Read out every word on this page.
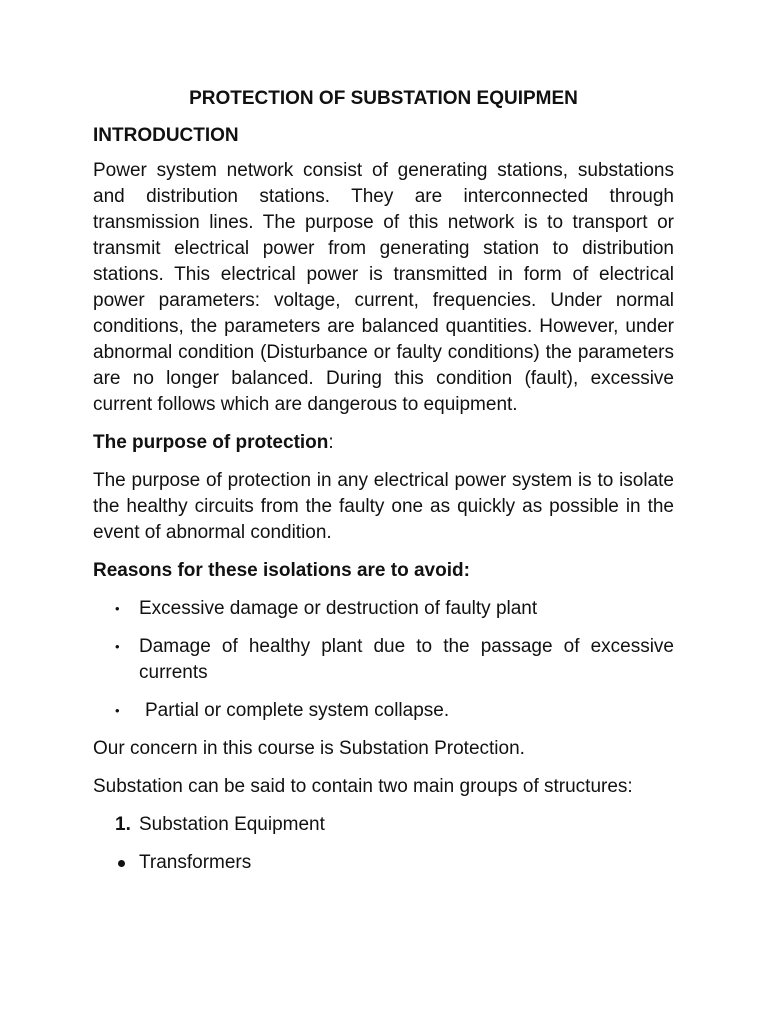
PROTECTION OF SUBSTATION EQUIPMEN
INTRODUCTION
Power system network consist of generating stations, substations and distribution stations. They are interconnected through transmission lines. The purpose of this network is to transport or transmit electrical power from generating station to distribution stations. This electrical power is transmitted in form of electrical power parameters: voltage, current, frequencies. Under normal conditions, the parameters are balanced quantities. However, under abnormal condition (Disturbance or faulty conditions) the parameters are no longer balanced. During this condition (fault), excessive current follows which are dangerous to equipment.
The purpose of protection:
The purpose of protection in any electrical power system is to isolate the healthy circuits from the faulty one as quickly as possible in the event of abnormal condition.
Reasons for these isolations are to avoid:
• Excessive damage or destruction of faulty plant
• Damage of healthy plant due to the passage of excessive currents
• Partial or complete system collapse.
Our concern in this course is Substation Protection.
Substation can be said to contain two main groups of structures:
1. Substation Equipment
Transformers
